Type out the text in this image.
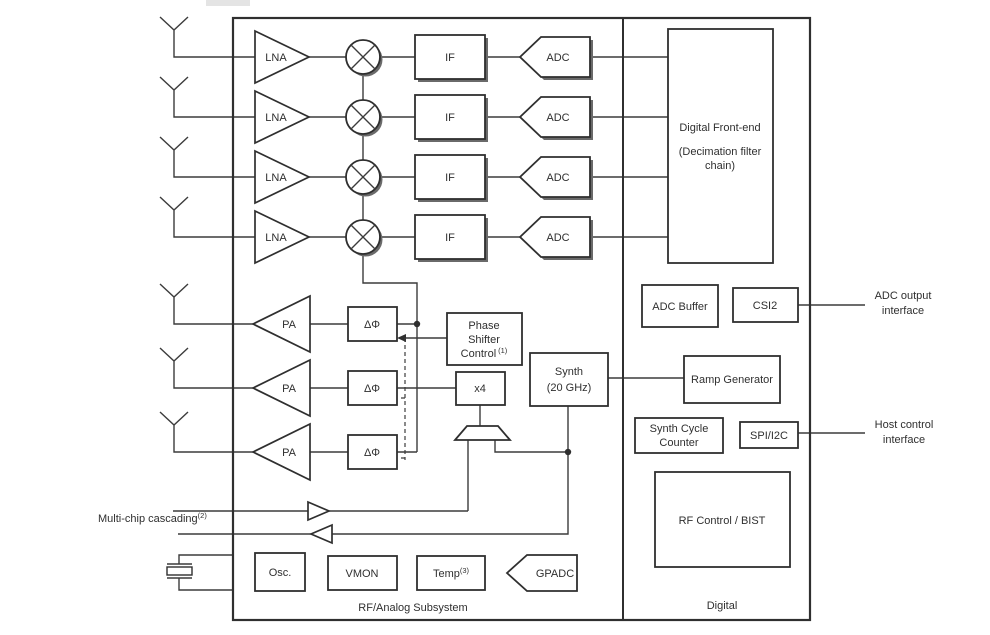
LNA	IF	ADC
LNA	IF	ADC
LNA	IF	ADC
LNA	IF	ADC
PA	ΔΦ
PA	ΔΦ
PA	ΔΦ
Phase
Shifter
Control $^{(1)}$
x4
Synth
(20 GHz)
Multi-chip cascading$^{(2)}$
Osc.	VMON	Temp$^{(3)}$	GPADC
Digital Front-end
(Decimation filter
chain)
ADC Buffer	CSI2
Ramp Generator
Synth Cycle
Counter
SPI/I2C
RF Control / BIST
RF/Analog Subsystem	Digital
ADC output
interface
Host control
interface
